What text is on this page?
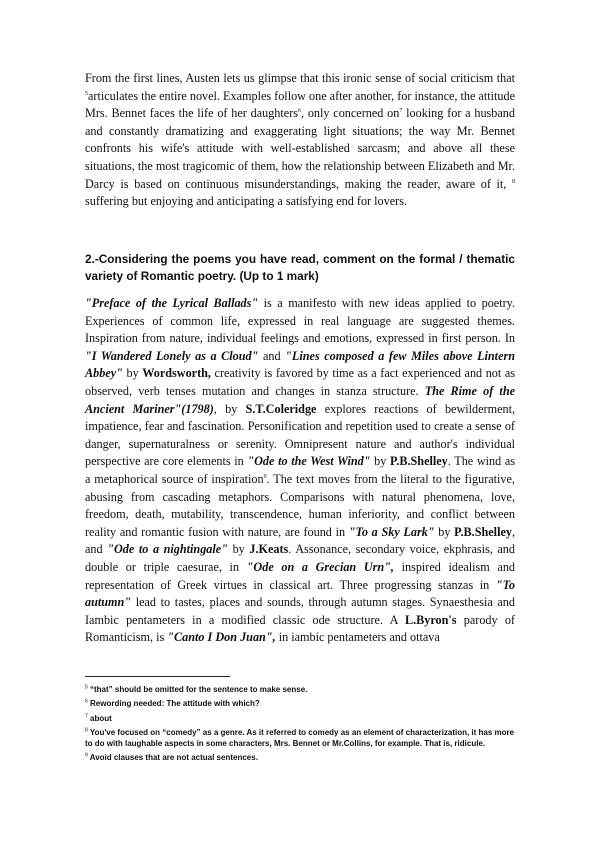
From the first lines, Austen lets us glimpse that this ironic sense of social criticism that $^5$articulates the entire novel. Examples follow one after another, for instance, the attitude Mrs. Bennet faces the life of her daughters$^6$, only concerned $on^7$ looking for a husband and constantly dramatizing and exaggerating light situations; the way Mr. Bennet confronts his wife's attitude with well-established sarcasm; and above all these situations, the most tragicomic of them, how the relationship between Elizabeth and Mr. Darcy is based on continuous misunderstandings, making the reader, aware of it, $^8$ suffering but enjoying and anticipating a satisfying end for lovers.

2.-Considering the poems you have read, comment on the formal / thematic variety of Romantic poetry. (Up to 1 mark)

"Preface of the Lyrical Ballads" is a manifesto with new ideas applied to poetry. Experiences of common life, expressed in real language are suggested themes. Inspiration from nature, individual feelings and emotions, expressed in first person. In "I Wandered Lonely as a Cloud" and "Lines composed a few Miles above Lintern Abbey" by Wordsworth, creativity is favored by time as a fact experienced and not as observed, verb tenses mutation and changes in stanza structure. The Rime of the Ancient Mariner"(1798), by S.T.Coleridge explores reactions of bewilderment, impatience, fear and fascination. Personification and repetition used to create a sense of danger, supernaturalness or serenity. Omnipresent nature and author's individual perspective are core elements in "Ode to the West Wind" by P.B.Shelley. The wind as a metaphorical source of inspiration$^9$. The text moves from the literal to the figurative, abusing from cascading metaphors. Comparisons with natural phenomena, love, freedom, death, mutability, transcendence, human inferiority, and conflict between reality and romantic fusion with nature, are found in "To a Sky Lark" by P.B.Shelley, and "Ode to a nightingale" by J.Keats. Assonance, secondary voice, ekphrasis, and double or triple caesurae, in "Ode on a Grecian Urn", inspired idealism and representation of Greek virtues in classical art. Three progressing stanzas in "To autumn" lead to tastes, places and sounds, through autumn stages. Synaesthesia and Iambic pentameters in a modified classic ode structure. A L.Byron's parody of Romanticism, is "Canto I Don Juan", in iambic pentameters and ottava

$^5$ “that” should be omitted for the sentence to make sense.

$^6$ Rewording needed: The attitude with which?

$^7$ about

$^8$ You've focused on “comedy” as a genre. As it referred to comedy as an element of characterization, it has more to do with laughable aspects in some characters, Mrs. Bennet or Mr.Collins, for example. That is, ridicule.

$^9$ Avoid clauses that are not actual sentences.
